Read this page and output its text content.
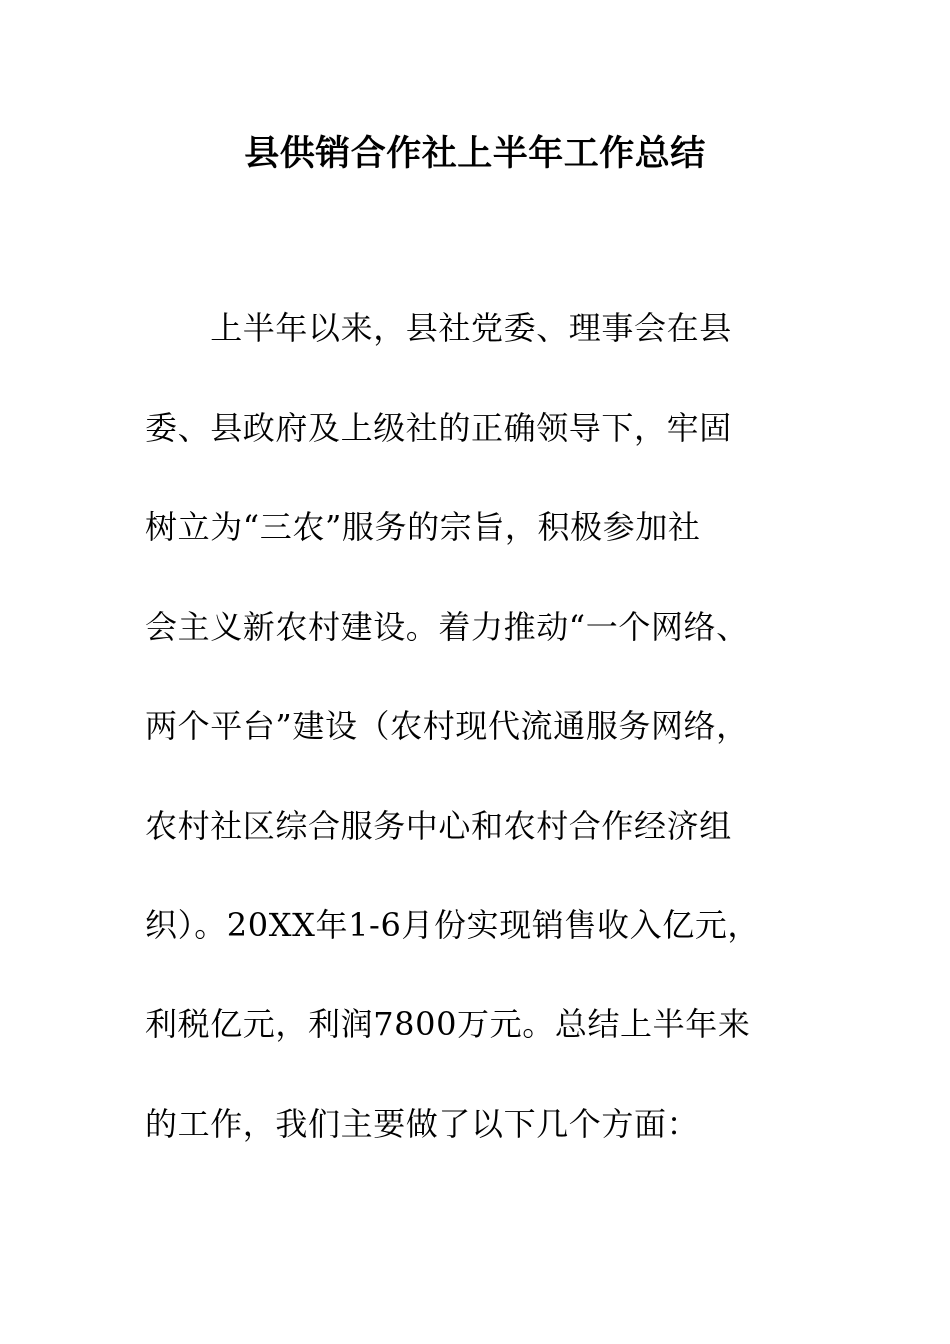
县供销合作社上半年工作总结
　　上半年以来，县社党委、理事会在县
委、县政府及上级社的正确领导下，牢固
树立为“三农”服务的宗旨，积极参加社
会主义新农村建设。着力推动“一个网络、
两个平台”建设（农村现代流通服务网络，
农村社区综合服务中心和农村合作经济组
织）。20XX年1-6月份实现销售收入亿元，
利税亿元，利润7800万元。总结上半年来
的工作，我们主要做了以下几个方面：
